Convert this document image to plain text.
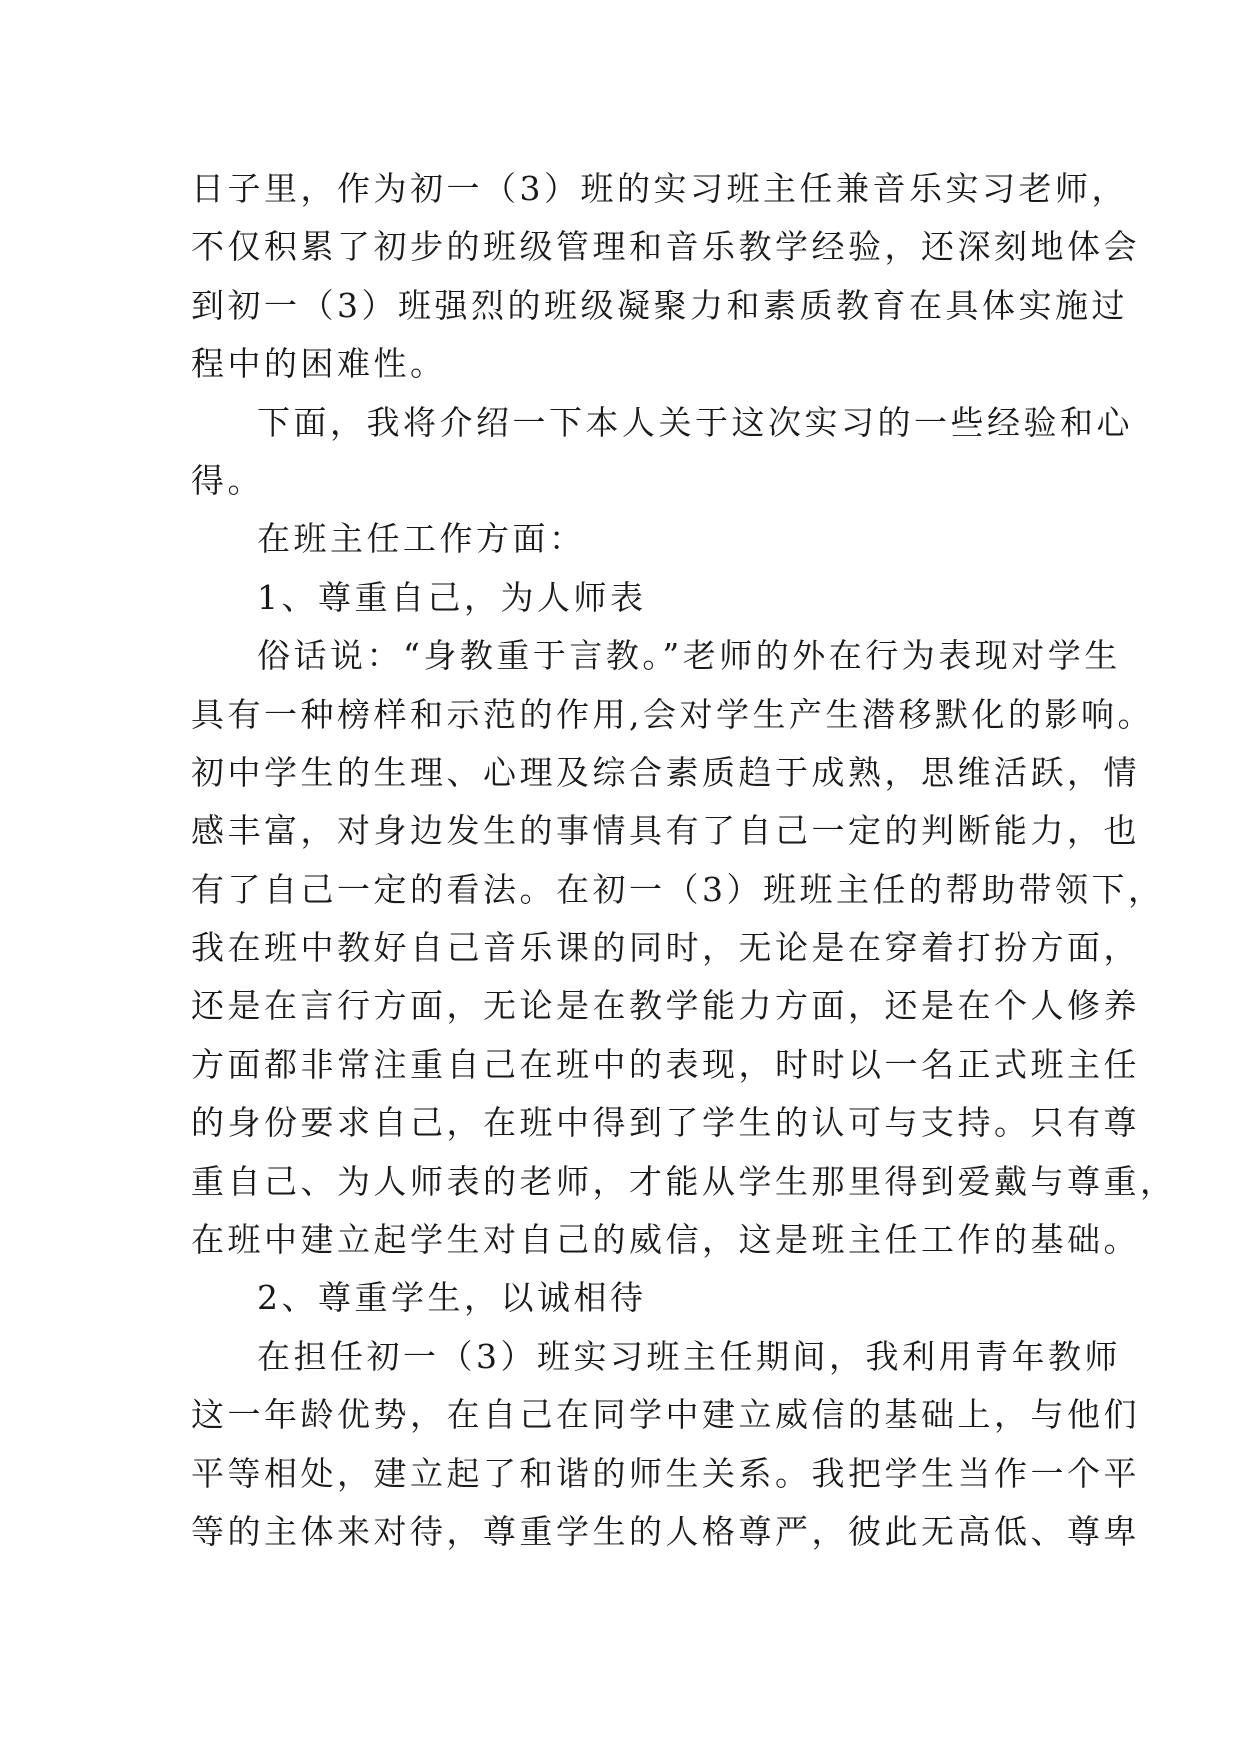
日子里，作为初一（3）班的实习班主任兼音乐实习老师，
不仅积累了初步的班级管理和音乐教学经验，还深刻地体会
到初一（3）班强烈的班级凝聚力和素质教育在具体实施过
程中的困难性。
下面，我将介绍一下本人关于这次实习的一些经验和心
得。
在班主任工作方面：
1、尊重自己，为人师表
俗话说：“身教重于言教。”老师的外在行为表现对学生
具有一种榜样和示范的作用,会对学生产生潜移默化的影响。
初中学生的生理、心理及综合素质趋于成熟，思维活跃，情
感丰富，对身边发生的事情具有了自己一定的判断能力，也
有了自己一定的看法。在初一（3）班班主任的帮助带领下，
我在班中教好自己音乐课的同时，无论是在穿着打扮方面，
还是在言行方面，无论是在教学能力方面，还是在个人修养
方面都非常注重自己在班中的表现，时时以一名正式班主任
的身份要求自己，在班中得到了学生的认可与支持。只有尊
重自己、为人师表的老师，才能从学生那里得到爱戴与尊重，
在班中建立起学生对自己的威信，这是班主任工作的基础。
2、尊重学生，以诚相待
在担任初一（3）班实习班主任期间，我利用青年教师
这一年龄优势，在自己在同学中建立威信的基础上，与他们
平等相处，建立起了和谐的师生关系。我把学生当作一个平
等的主体来对待，尊重学生的人格尊严，彼此无高低、尊卑
